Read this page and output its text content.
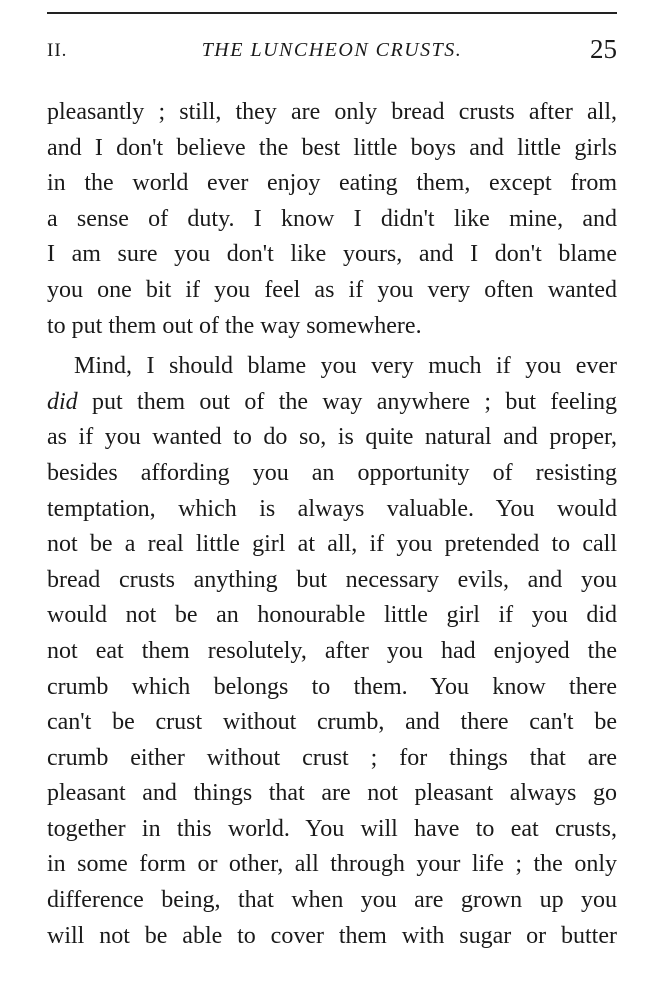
II.	THE LUNCHEON CRUSTS.	25
pleasantly ; still, they are only bread crusts after all,
and I don't believe the best little boys and little girls
in the world ever enjoy eating them, except from
a sense of duty. I know I didn't like mine, and
I am sure you don't like yours, and I don't blame
you one bit if you feel as if you very often wanted
to put them out of the way somewhere.
Mind, I should blame you very much if you ever
did put them out of the way anywhere ; but feeling
as if you wanted to do so, is quite natural and proper,
besides affording you an opportunity of resisting
temptation, which is always valuable. You would
not be a real little girl at all, if you pretended to call
bread crusts anything but necessary evils, and you
would not be an honourable little girl if you did
not eat them resolutely, after you had enjoyed the
crumb which belongs to them. You know there
can't be crust without crumb, and there can't be
crumb either without crust ; for things that are
pleasant and things that are not pleasant always go
together in this world. You will have to eat crusts,
in some form or other, all through your life ; the only
difference being, that when you are grown up you
will not be able to cover them with sugar or butter
